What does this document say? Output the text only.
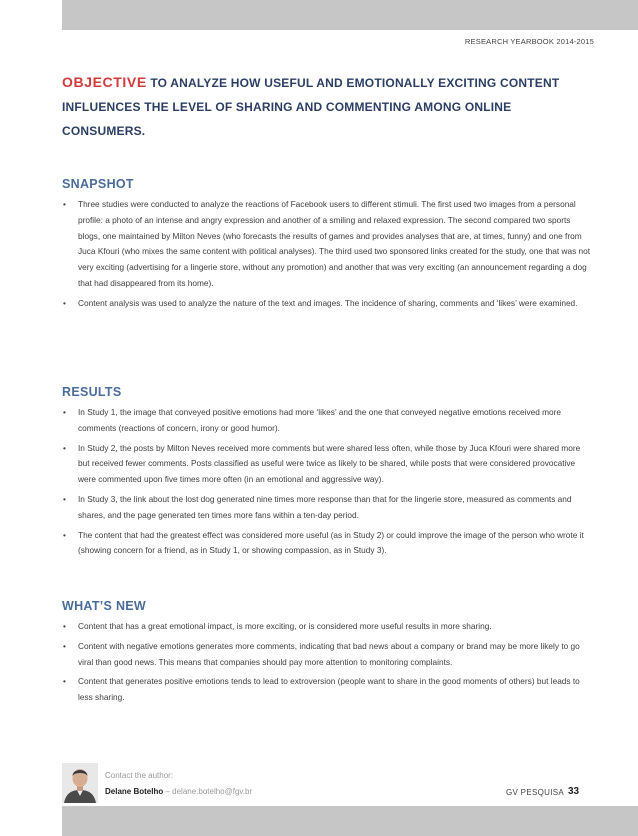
RESEARCH YEARBOOK 2014-2015
OBJECTIVE TO ANALYZE HOW USEFUL AND EMOTIONALLY EXCITING CONTENT
INFLUENCES THE LEVEL OF SHARING AND COMMENTING AMONG ONLINE
CONSUMERS.
SNAPSHOT
• Three studies were conducted to analyze the reactions of Facebook users to different stimuli. The first used two images from a personal profile: a photo of an intense and angry expression and another of a smiling and relaxed expression. The second compared two sports blogs, one maintained by Milton Neves (who forecasts the results of games and provides analyses that are, at times, funny) and one from Juca Kfouri (who mixes the same content with political analyses). The third used two sponsored links created for the study, one that was not very exciting (advertising for a lingerie store, without any promotion) and another that was very exciting (an announcement regarding a dog that had disappeared from its home).
• Content analysis was used to analyze the nature of the text and images. The incidence of sharing, comments and ‘likes’ were examined.
RESULTS
• In Study 1, the image that conveyed positive emotions had more ‘likes’ and the one that conveyed negative emotions received more comments (reactions of concern, irony or good humor).
• In Study 2, the posts by Milton Neves received more comments but were shared less often, while those by Juca Kfouri were shared more but received fewer comments. Posts classified as useful were twice as likely to be shared, while posts that were considered provocative were commented upon five times more often (in an emotional and aggressive way).
• In Study 3, the link about the lost dog generated nine times more response than that for the lingerie store, measured as comments and shares, and the page generated ten times more fans within a ten-day period.
• The content that had the greatest effect was considered more useful (as in Study 2) or could improve the image of the person who wrote it (showing concern for a friend, as in Study 1, or showing compassion, as in Study 3).
WHAT’S NEW
• Content that has a great emotional impact, is more exciting, or is considered more useful results in more sharing.
• Content with negative emotions generates more comments, indicating that bad news about a company or brand may be more likely to go viral than good news. This means that companies should pay more attention to monitoring complaints.
• Content that generates positive emotions tends to lead to extroversion (people want to share in the good moments of others) but leads to less sharing.
Contact the author:
Delane Botelho – delane.botelho@fgv.br	GV PESQUISA 33
